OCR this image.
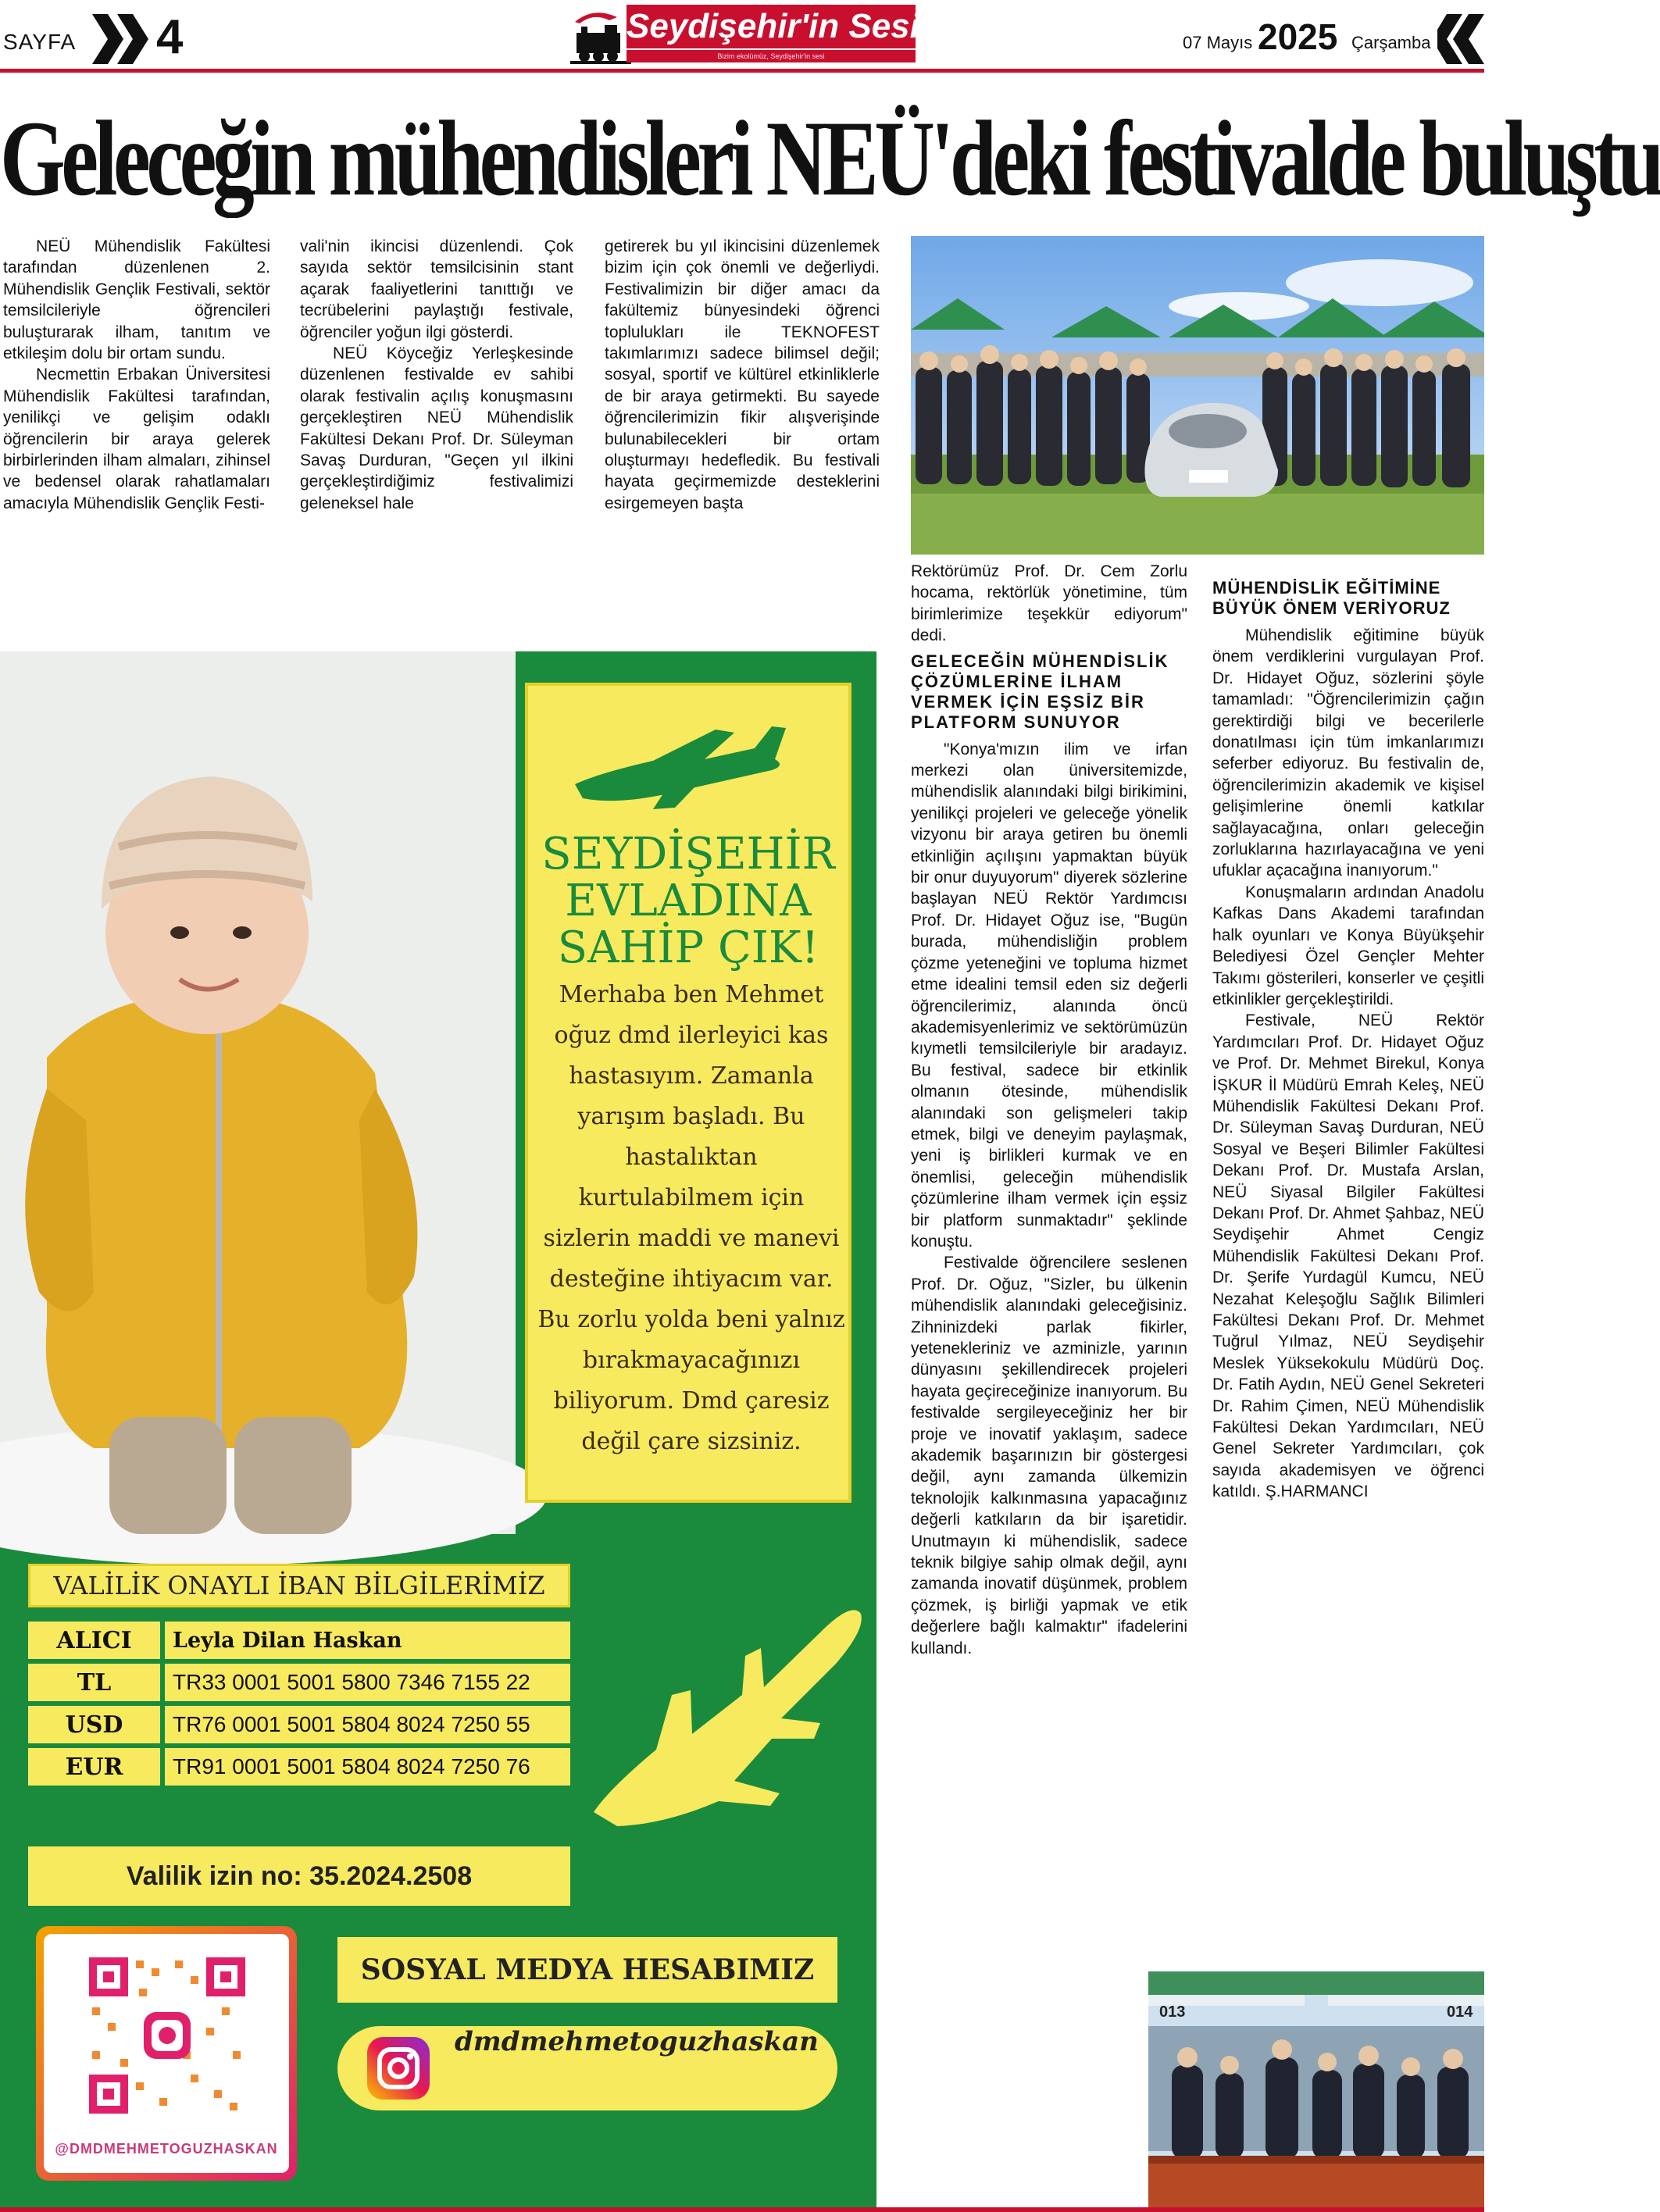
SAYFA 4	Seydişehir'in Sesi
Bizim ekolümüz, Seydişehir'in sesi
07 Mayıs 2025 Çarşamba
Geleceğin mühendisleri NEÜ'deki festivalde buluştu

NEÜ Mühendislik Fakültesi tarafından düzenlenen 2. Mühendislik Gençlik Festivali, sektör temsilcileriyle öğrencileri buluşturarak ilham, tanıtım ve etkileşim dolu bir ortam sundu.

Necmettin Erbakan Üniversitesi Mühendislik Fakültesi tarafından, yenilikçi ve gelişim odaklı öğrencilerin bir araya gelerek birbirlerinden ilham almaları, zihinsel ve bedensel olarak rahatlamaları amacıyla Mühendislik Gençlik Festi-

vali'nin ikincisi düzenlendi. Çok sayıda sektör temsilcisinin stant açarak faaliyetlerini tanıttığı ve tecrübelerini paylaştığı festivale, öğrenciler yoğun ilgi gösterdi.

NEÜ Köyceğiz Yerleşkesinde düzenlenen festivalde ev sahibi olarak festivalin açılış konuşmasını gerçekleştiren NEÜ Mühendislik Fakültesi Dekanı Prof. Dr. Süleyman Savaş Durduran, "Geçen yıl ilkini gerçekleştirdiğimiz festivalimizi geleneksel hale

getirerek bu yıl ikincisini düzenlemek bizim için çok önemli ve değerliydi. Festivalimizin bir diğer amacı da fakültemiz bünyesindeki öğrenci toplulukları ile TEKNOFEST takımlarımızı sadece bilimsel değil; sosyal, sportif ve kültürel etkinliklerle de bir araya getirmekti. Bu sayede öğrencilerimizin fikir alışverişinde bulunabilecekleri bir ortam oluşturmayı hedefledik. Bu festivali hayata geçirmemizde desteklerini esirgemeyen başta

Rektörümüz Prof. Dr. Cem Zorlu hocama, rektörlük yönetimine, tüm birimlerimize teşekkür ediyorum" dedi.

GELECEĞİN MÜHENDİSLİK ÇÖZÜMLERİNE İLHAM VERMEK İÇİN EŞSİZ BİR PLATFORM SUNUYOR

"Konya'mızın ilim ve irfan merkezi olan üniversitemizde, mühendislik alanındaki bilgi birikimini, yenilikçi projeleri ve geleceğe yönelik vizyonu bir araya getiren bu önemli etkinliğin açılışını yapmaktan büyük bir onur duyuyorum" diyerek sözlerine başlayan NEÜ Rektör Yardımcısı Prof. Dr. Hidayet Oğuz ise, "Bugün burada, mühendisliğin problem çözme yeteneğini ve topluma hizmet etme idealini temsil eden siz değerli öğrencilerimiz, alanında öncü akademisyenlerimiz ve sektörümüzün kıymetli temsilcileriyle bir aradayız. Bu festival, sadece bir etkinlik olmanın ötesinde, mühendislik alanındaki son gelişmeleri takip etmek, bilgi ve deneyim paylaşmak, yeni iş birlikleri kurmak ve en önemlisi, geleceğin mühendislik çözümlerine ilham vermek için eşsiz bir platform sunmaktadır" şeklinde konuştu.

Festivalde öğrencilere seslenen Prof. Dr. Oğuz, "Sizler, bu ülkenin mühendislik alanındaki geleceğisiniz. Zihninizdeki parlak fikirler, yetenekleriniz ve azminizle, yarının dünyasını şekillendirecek projeleri hayata geçireceğinize inanıyorum. Bu festivalde sergileyeceğiniz her bir proje ve inovatif yaklaşım, sadece akademik başarınızın bir göstergesi değil, aynı zamanda ülkemizin teknolojik kalkınmasına yapacağınız değerli katkıların da bir işaretidir. Unutmayın ki mühendislik, sadece teknik bilgiye sahip olmak değil, aynı zamanda inovatif düşünmek, problem çözmek, iş birliği yapmak ve etik değerlere bağlı kalmaktır" ifadelerini kullandı.

MÜHENDİSLİK EĞİTİMİNE BÜYÜK ÖNEM VERİYORUZ

Mühendislik eğitimine büyük önem verdiklerini vurgulayan Prof. Dr. Hidayet Oğuz, sözlerini şöyle tamamladı: "Öğrencilerimizin çağın gerektirdiği bilgi ve becerilerle donatılması için tüm imkanlarımızı seferber ediyoruz. Bu festivalin de, öğrencilerimizin akademik ve kişisel gelişimlerine önemli katkılar sağlayacağına, onları geleceğin zorluklarına hazırlayacağına ve yeni ufuklar açacağına inanıyorum."

Konuşmaların ardından Anadolu Kafkas Dans Akademi tarafından halk oyunları ve Konya Büyükşehir Belediyesi Özel Gençler Mehter Takımı gösterileri, konserler ve çeşitli etkinlikler gerçekleştirildi.

Festivale, NEÜ Rektör Yardımcıları Prof. Dr. Hidayet Oğuz ve Prof. Dr. Mehmet Birekul, Konya İŞKUR İl Müdürü Emrah Keleş, NEÜ Mühendislik Fakültesi Dekanı Prof. Dr. Süleyman Savaş Durduran, NEÜ Sosyal ve Beşeri Bilimler Fakültesi Dekanı Prof. Dr. Mustafa Arslan, NEÜ Siyasal Bilgiler Fakültesi Dekanı Prof. Dr. Ahmet Şahbaz, NEÜ Seydişehir Ahmet Cengiz Mühendislik Fakültesi Dekanı Prof. Dr. Şerife Yurdagül Kumcu, NEÜ Nezahat Keleşoğlu Sağlık Bilimleri Fakültesi Dekanı Prof. Dr. Mehmet Tuğrul Yılmaz, NEÜ Seydişehir Meslek Yüksekokulu Müdürü Doç. Dr. Fatih Aydın, NEÜ Genel Sekreteri Dr. Rahim Çimen, NEÜ Mühendislik Fakültesi Dekan Yardımcıları, NEÜ Genel Sekreter Yardımcıları, çok sayıda akademisyen ve öğrenci katıldı. Ş.HARMANCI

013	014
SEYDİŞEHİR
EVLADINA
SAHİP ÇIK!
Merhaba ben Mehmet oğuz dmd ilerleyici kas hastasıyım. Zamanla yarışım başladı. Bu hastalıktan kurtulabilmem için sizlerin maddi ve manevi desteğine ihtiyacım var. Bu zorlu yolda beni yalnız bırakmayacağınızı biliyorum. Dmd çaresiz değil çare sizsiniz.
VALİLİK ONAYLI İBAN BİLGİLERİMİZ
ALICI	Leyla Dilan Haskan
TL	TR33 0001 5001 5800 7346 7155 22
USD	TR76 0001 5001 5804 8024 7250 55
EUR	TR91 0001 5001 5804 8024 7250 76
Valilik izin no: 35.2024.2508
@DMDMEHMETOGUZHASKAN
SOSYAL MEDYA HESABIMIZ
dmdmehmetoguzhaskan
